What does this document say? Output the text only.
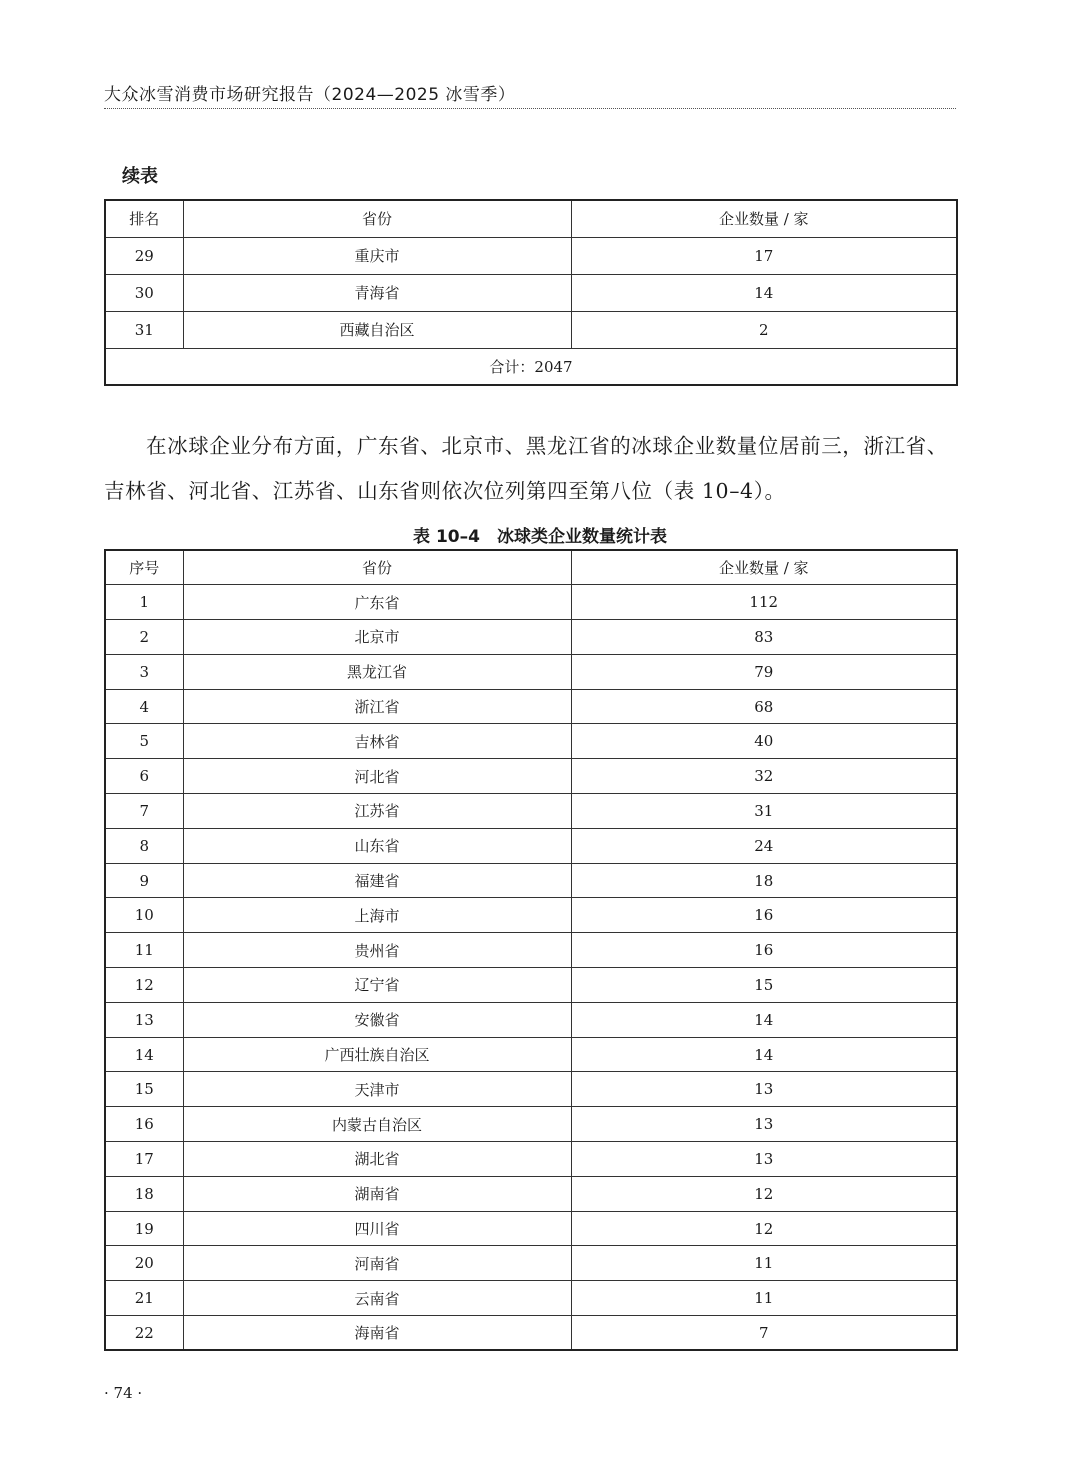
大众冰雪消费市场研究报告（2024—2025 冰雪季）
续表
排名	省份	企业数量 / 家
29	重庆市	17
30	青海省	14
31	西藏自治区	2
合计：2047		
在冰球企业分布方面，广东省、北京市、黑龙江省的冰球企业数量位居前三，浙江省、吉林省、河北省、江苏省、山东省则依次位列第四至第八位（表 10–4）。
表 10–4　冰球类企业数量统计表
序号	省份	企业数量 / 家
1	广东省	112
2	北京市	83
3	黑龙江省	79
4	浙江省	68
5	吉林省	40
6	河北省	32
7	江苏省	31
8	山东省	24
9	福建省	18
10	上海市	16
11	贵州省	16
12	辽宁省	15
13	安徽省	14
14	广西壮族自治区	14
15	天津市	13
16	内蒙古自治区	13
17	湖北省	13
18	湖南省	12
19	四川省	12
20	河南省	11
21	云南省	11
22	海南省	7
· 74 ·
